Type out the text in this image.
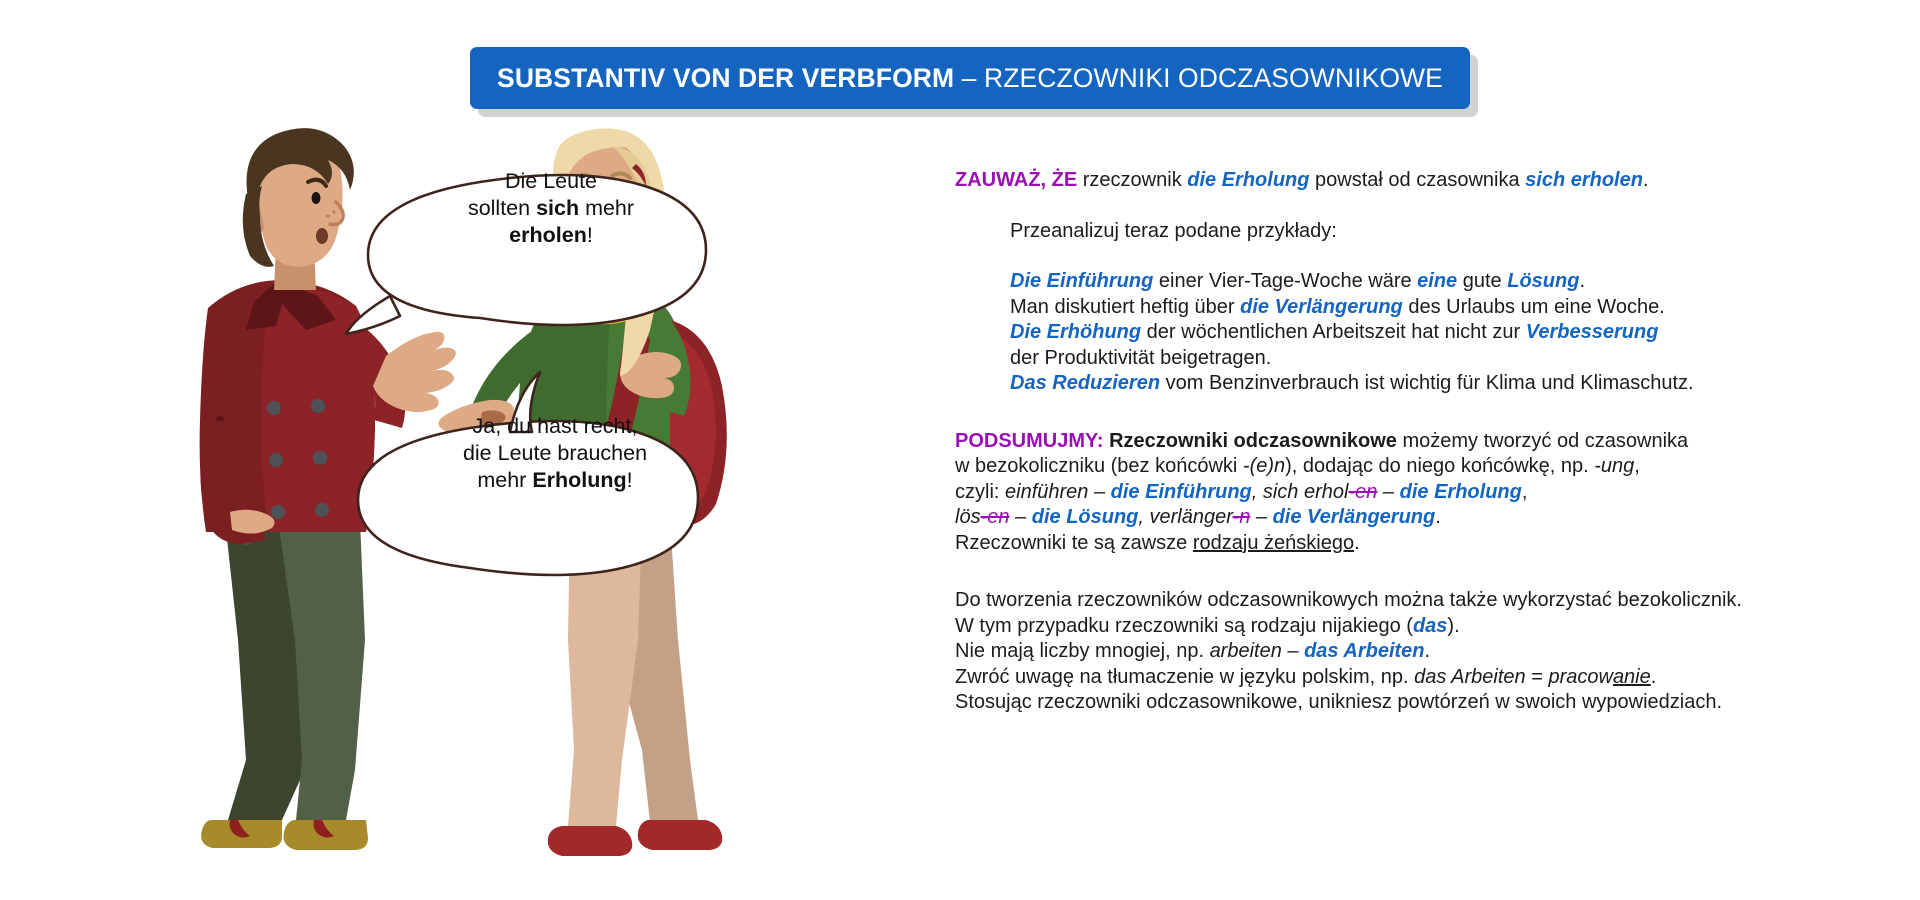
SUBSTANTIV VON DER VERBFORM – RZECZOWNIKI ODCZASOWNIKOWE
Die Leute
sollten sich mehr
erholen!
Ja, du hast recht,
die Leute brauchen
mehr Erholung!
ZAUWAŻ, ŻE rzeczownik die Erholung powstał od czasownika sich erholen.
Przeanalizuj teraz podane przykłady:
Die Einführung einer Vier-Tage-Woche wäre eine gute Lösung.
Man diskutiert heftig über die Verlängerung des Urlaubs um eine Woche.
Die Erhöhung der wöchentlichen Arbeitszeit hat nicht zur Verbesserung
der Produktivität beigetragen.
Das Reduzieren vom Benzinverbrauch ist wichtig für Klima und Klimaschutz.
PODSUMUJMY: Rzeczowniki odczasownikowe możemy tworzyć od czasownika
w bezokoliczniku (bez końcówki -(e)n), dodając do niego końcówkę, np. -ung,
czyli: einführen – die Einführung, sich erhol-en – die Erholung,
lös-en – die Lösung, verlänger-n – die Verlängerung.
Rzeczowniki te są zawsze rodzaju żeńskiego.
Do tworzenia rzeczowników odczasownikowych można także wykorzystać bezokolicznik.
W tym przypadku rzeczowniki są rodzaju nijakiego (das).
Nie mają liczby mnogiej, np. arbeiten – das Arbeiten.
Zwróć uwagę na tłumaczenie w języku polskim, np. das Arbeiten = pracowanie.
Stosując rzeczowniki odczasownikowe, unikniesz powtórzeń w swoich wypowiedziach.
